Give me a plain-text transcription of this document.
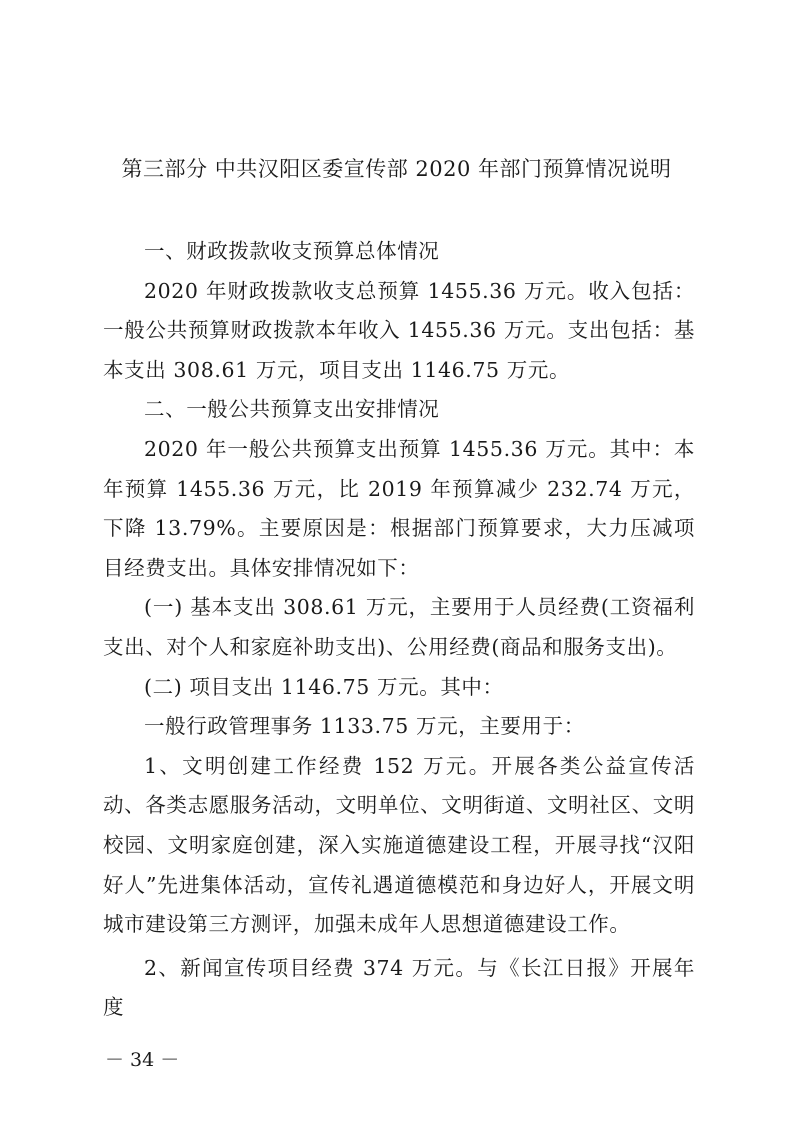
第三部分 中共汉阳区委宣传部 2020 年部门预算情况说明

一、财政拨款收支预算总体情况

2020 年财政拨款收支总预算 1455.36 万元。收入包括：一般公共预算财政拨款本年收入 1455.36 万元。支出包括：基本支出 308.61 万元，项目支出 1146.75 万元。

二、一般公共预算支出安排情况

2020 年一般公共预算支出预算 1455.36 万元。其中：本年预算 1455.36 万元，比 2019 年预算减少 232.74 万元，下降 13.79%。主要原因是：根据部门预算要求，大力压减项目经费支出。具体安排情况如下：

(一) 基本支出 308.61 万元，主要用于人员经费(工资福利支出、对个人和家庭补助支出)、公用经费(商品和服务支出)。

(二) 项目支出 1146.75 万元。其中：

一般行政管理事务 1133.75 万元，主要用于：

1、文明创建工作经费 152 万元。开展各类公益宣传活动、各类志愿服务活动，文明单位、文明街道、文明社区、文明校园、文明家庭创建，深入实施道德建设工程，开展寻找“汉阳好人”先进集体活动，宣传礼遇道德模范和身边好人，开展文明城市建设第三方测评，加强未成年人思想道德建设工作。

2、新闻宣传项目经费 374 万元。与《长江日报》开展年度

－ 34 －
